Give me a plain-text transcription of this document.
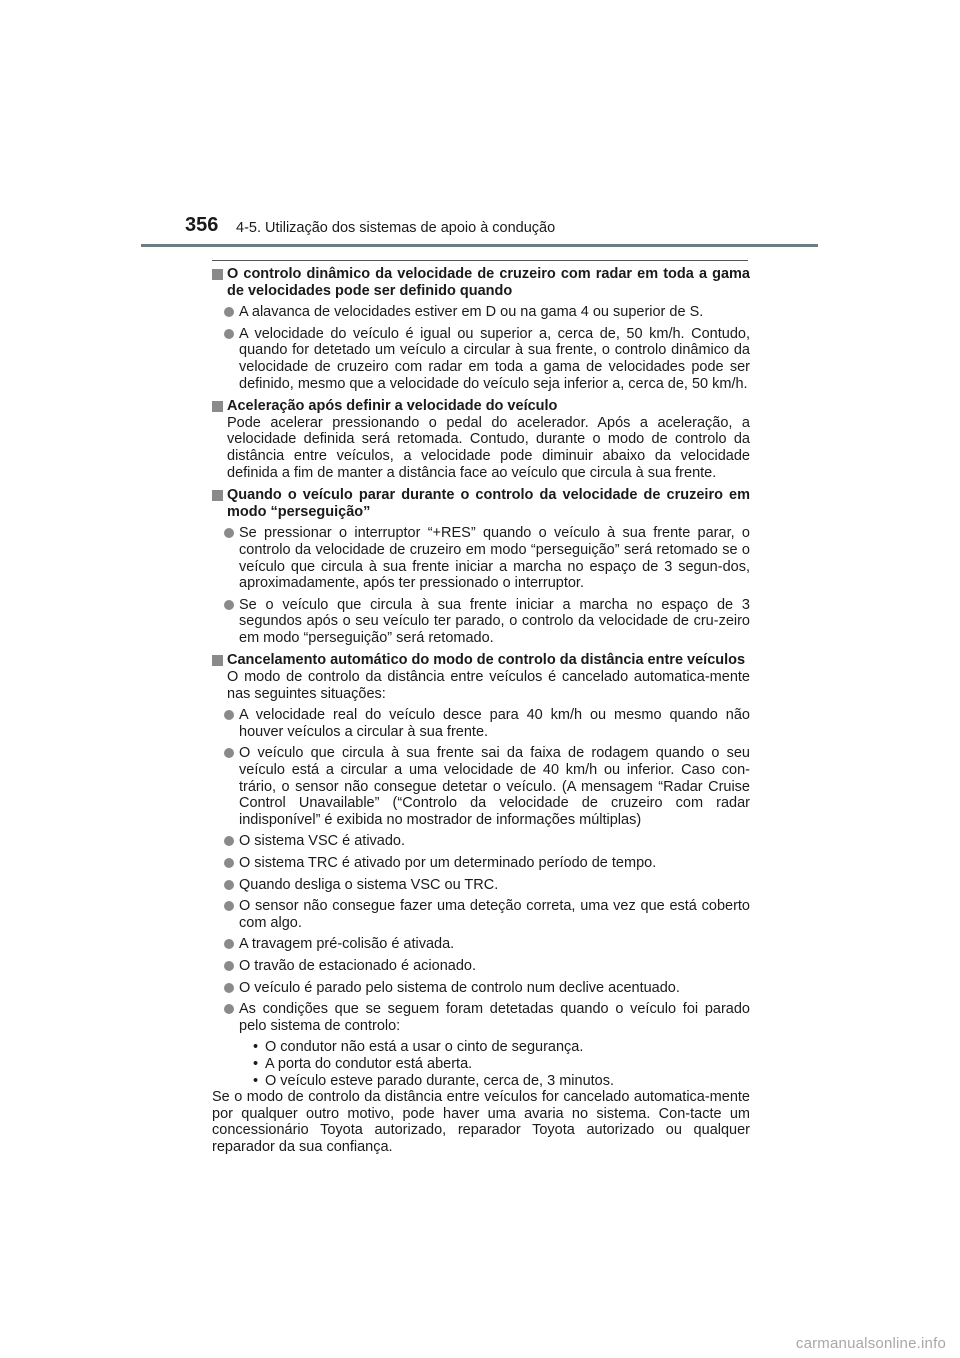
356 4-5. Utilização dos sistemas de apoio à condução
O controlo dinâmico da velocidade de cruzeiro com radar em toda a gama de velocidades pode ser definido quando
A alavanca de velocidades estiver em D ou na gama 4 ou superior de S.
A velocidade do veículo é igual ou superior a, cerca de, 50 km/h. Contudo, quando for detetado um veículo a circular à sua frente, o controlo dinâmico da velocidade de cruzeiro com radar em toda a gama de velocidades pode ser definido, mesmo que a velocidade do veículo seja inferior a, cerca de, 50 km/h.
Aceleração após definir a velocidade do veículo
Pode acelerar pressionando o pedal do acelerador. Após a aceleração, a velocidade definida será retomada. Contudo, durante o modo de controlo da distância entre veículos, a velocidade pode diminuir abaixo da velocidade definida a fim de manter a distância face ao veículo que circula à sua frente.
Quando o veículo parar durante o controlo da velocidade de cruzeiro em modo “perseguição”
Se pressionar o interruptor “+RES” quando o veículo à sua frente parar, o controlo da velocidade de cruzeiro em modo “perseguição” será retomado se o veículo que circula à sua frente iniciar a marcha no espaço de 3 segun-dos, aproximadamente, após ter pressionado o interruptor.
Se o veículo que circula à sua frente iniciar a marcha no espaço de 3 segundos após o seu veículo ter parado, o controlo da velocidade de cru-zeiro em modo “perseguição” será retomado.
Cancelamento automático do modo de controlo da distância entre veículos
O modo de controlo da distância entre veículos é cancelado automatica-mente nas seguintes situações:
A velocidade real do veículo desce para 40 km/h ou mesmo quando não houver veículos a circular à sua frente.
O veículo que circula à sua frente sai da faixa de rodagem quando o seu veículo está a circular a uma velocidade de 40 km/h ou inferior. Caso con-trário, o sensor não consegue detetar o veículo. (A mensagem “Radar Cruise Control Unavailable” (“Controlo da velocidade de cruzeiro com radar indisponível” é exibida no mostrador de informações múltiplas)
O sistema VSC é ativado.
O sistema TRC é ativado por um determinado período de tempo.
Quando desliga o sistema VSC ou TRC.
O sensor não consegue fazer uma deteção correta, uma vez que está coberto com algo.
A travagem pré-colisão é ativada.
O travão de estacionado é acionado.
O veículo é parado pelo sistema de controlo num declive acentuado.
As condições que se seguem foram detetadas quando o veículo foi parado pelo sistema de controlo:
• O condutor não está a usar o cinto de segurança.
• A porta do condutor está aberta.
• O veículo esteve parado durante, cerca de, 3 minutos.
Se o modo de controlo da distância entre veículos for cancelado automatica-mente por qualquer outro motivo, pode haver uma avaria no sistema. Con-tacte um concessionário Toyota autorizado, reparador Toyota autorizado ou qualquer reparador da sua confiança.
carmanualsonline.info
